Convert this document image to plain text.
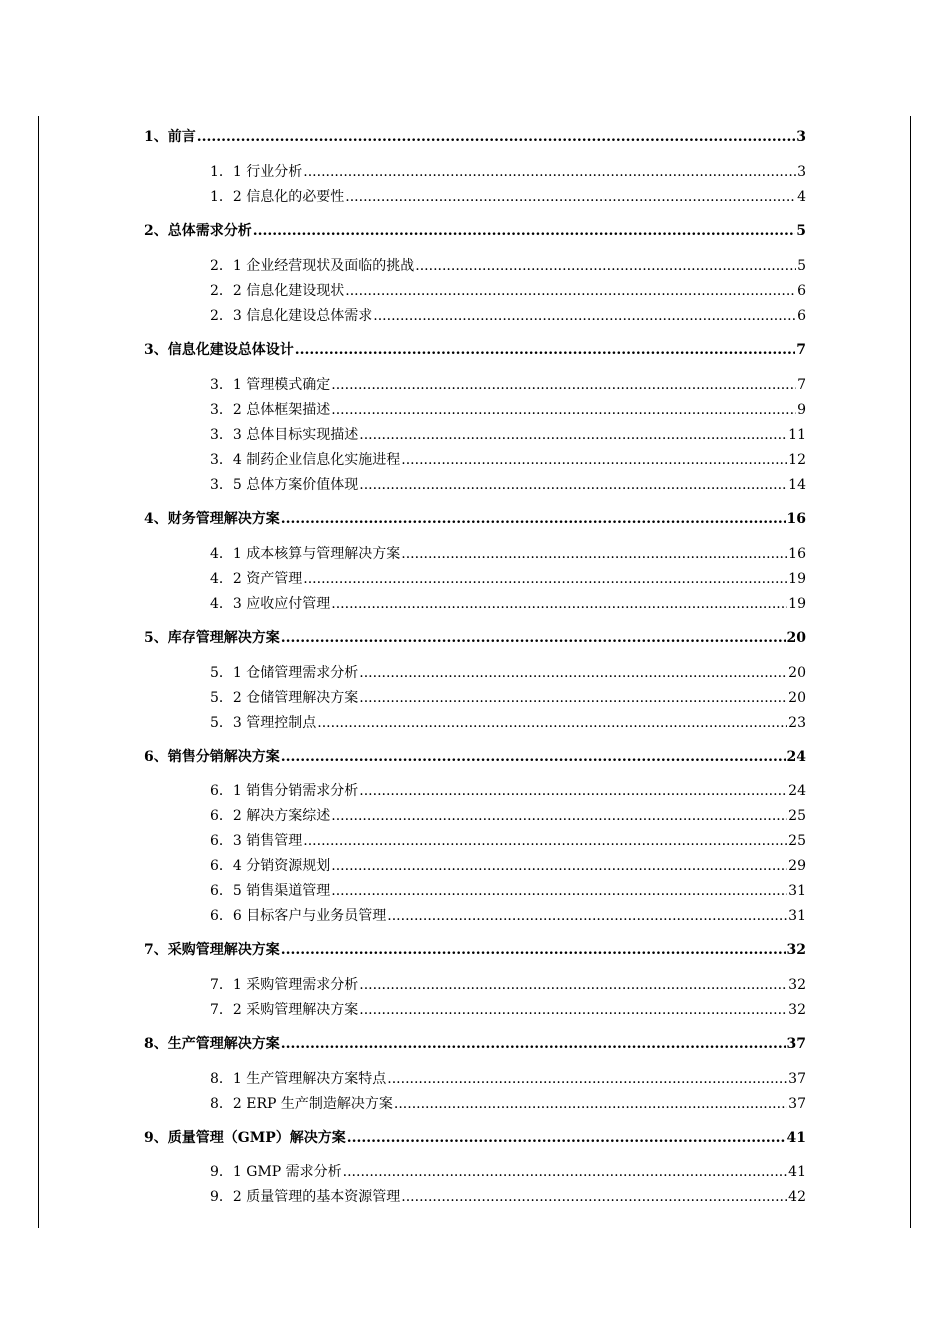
1、前言 .....	3
1．1 行业分析 .....	3
1．2 信息化的必要性 .....	4
2、总体需求分析 .....	5
2．1 企业经营现状及面临的挑战 .....	5
2．2 信息化建设现状 .....	6
2．3 信息化建设总体需求 .....	6
3、信息化建设总体设计 .....	7
3．1 管理模式确定 .....	7
3．2 总体框架描述 .....	9
3．3 总体目标实现描述 .....	11
3．4 制药企业信息化实施进程 .....	12
3．5 总体方案价值体现 .....	14
4、财务管理解决方案 .....	16
4．1 成本核算与管理解决方案 .....	16
4．2 资产管理 .....	19
4．3 应收应付管理 .....	19
5、库存管理解决方案 .....	20
5．1 仓储管理需求分析 .....	20
5．2 仓储管理解决方案 .....	20
5．3 管理控制点 .....	23
6、销售分销解决方案 .....	24
6．1 销售分销需求分析 .....	24
6．2 解决方案综述 .....	25
6．3 销售管理 .....	25
6．4 分销资源规划 .....	29
6．5 销售渠道管理 .....	31
6．6 目标客户与业务员管理 .....	31
7、采购管理解决方案 .....	32
7．1 采购管理需求分析 .....	32
7．2 采购管理解决方案 .....	32
8、生产管理解决方案 .....	37
8．1 生产管理解决方案特点 .....	37
8．2 ERP 生产制造解决方案 .....	37
9、质量管理（GMP）解决方案 .....	41
9．1 GMP 需求分析 .....	41
9．2 质量管理的基本资源管理 .....	42
